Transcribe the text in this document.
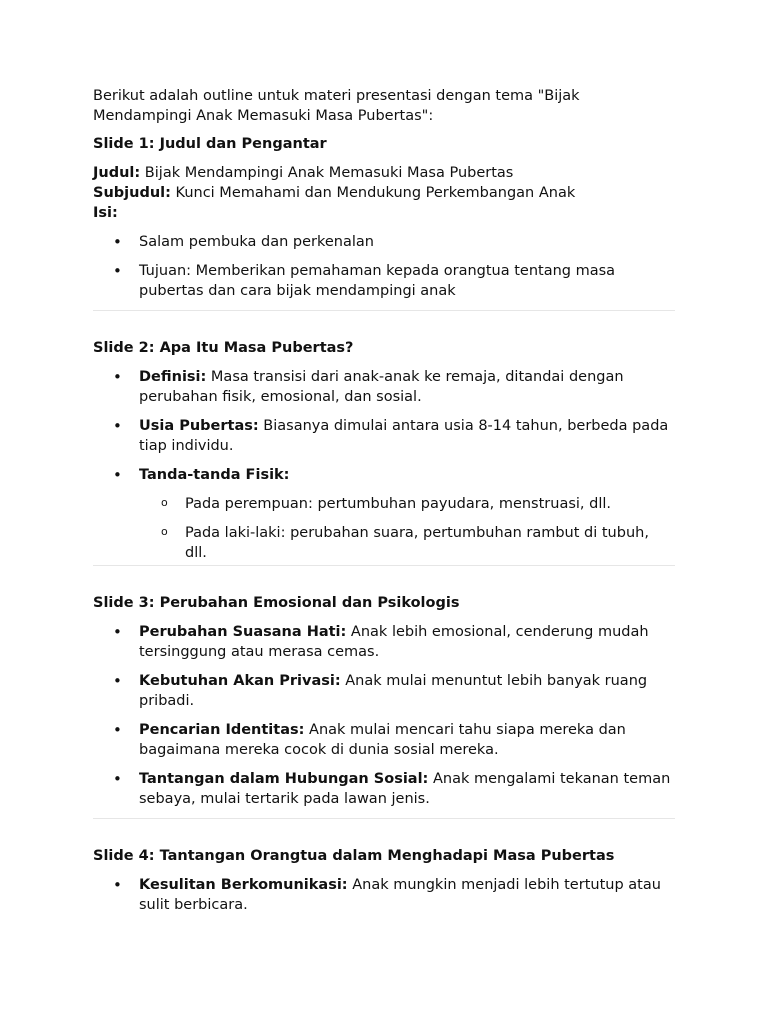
Berikut adalah outline untuk materi presentasi dengan tema "Bijak Mendampingi Anak Memasuki Masa Pubertas":

Slide 1: Judul dan Pengantar

Judul: Bijak Mendampingi Anak Memasuki Masa Pubertas

Subjudul: Kunci Memahami dan Mendukung Perkembangan Anak

Isi:

• Salam pembuka dan perkenalan
• Tujuan: Memberikan pemahaman kepada orangtua tentang masa pubertas dan cara bijak mendampingi anak

Slide 2: Apa Itu Masa Pubertas?

• Definisi: Masa transisi dari anak-anak ke remaja, ditandai dengan perubahan fisik, emosional, dan sosial.
• Usia Pubertas: Biasanya dimulai antara usia 8-14 tahun, berbeda pada tiap individu.
• Tanda-tanda Fisik:
o Pada perempuan: pertumbuhan payudara, menstruasi, dll.
o Pada laki-laki: perubahan suara, pertumbuhan rambut di tubuh, dll.

Slide 3: Perubahan Emosional dan Psikologis

• Perubahan Suasana Hati: Anak lebih emosional, cenderung mudah tersinggung atau merasa cemas.
• Kebutuhan Akan Privasi: Anak mulai menuntut lebih banyak ruang pribadi.
• Pencarian Identitas: Anak mulai mencari tahu siapa mereka dan bagaimana mereka cocok di dunia sosial mereka.
• Tantangan dalam Hubungan Sosial: Anak mengalami tekanan teman sebaya, mulai tertarik pada lawan jenis.

Slide 4: Tantangan Orangtua dalam Menghadapi Masa Pubertas

• Kesulitan Berkomunikasi: Anak mungkin menjadi lebih tertutup atau sulit berbicara.
